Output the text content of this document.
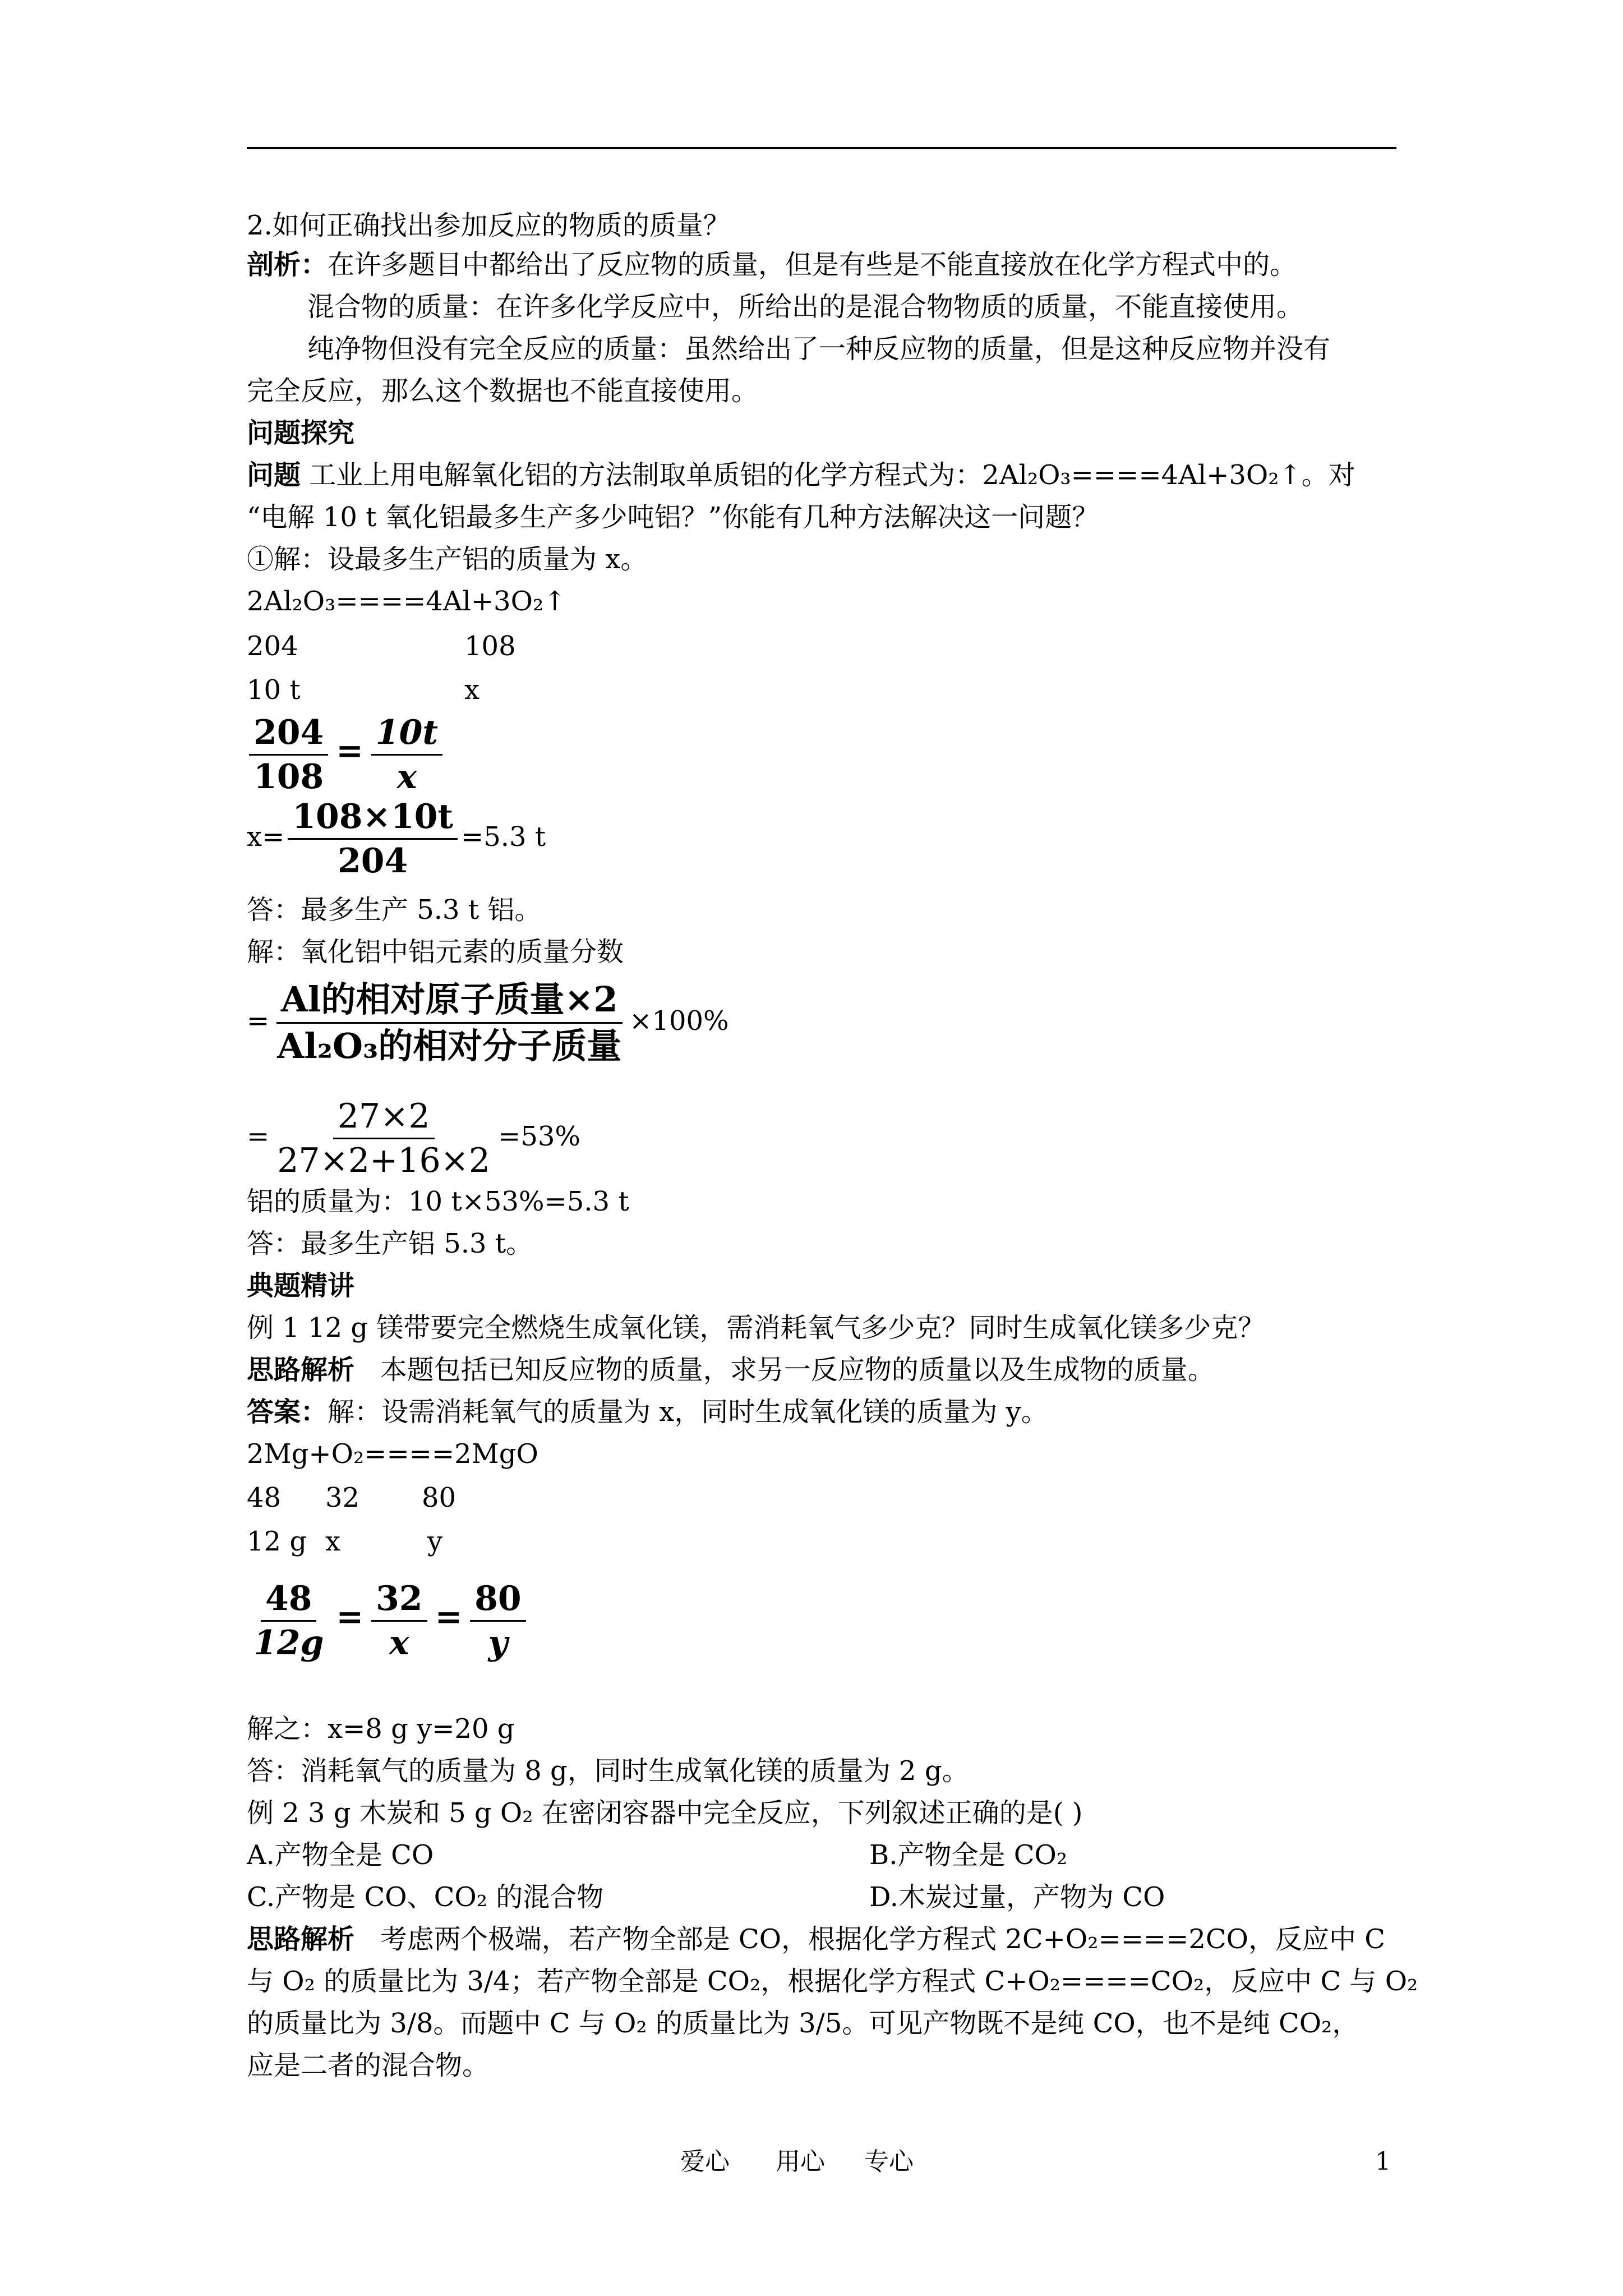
2.如何正确找出参加反应的物质的质量？
剖析：在许多题目中都给出了反应物的质量，但是有些是不能直接放在化学方程式中的。
混合物的质量：在许多化学反应中，所给出的是混合物物质的质量，不能直接使用。
纯净物但没有完全反应的质量：虽然给出了一种反应物的质量，但是这种反应物并没有
完全反应，那么这个数据也不能直接使用。
问题探究
问题 工业上用电解氧化铝的方法制取单质铝的化学方程式为：2Al₂O₃====4Al+3O₂↑。对
“电解 10 t 氧化铝最多生产多少吨铝？”你能有几种方法解决这一问题？
①解：设最多生产铝的质量为 x。
2Al₂O₃====4Al+3O₂↑
204	108
10 t	x
$\frac{204}{108} = \frac{10t}{x}$
$x= \frac{108\times 10t}{204} =5.3$ t
答：最多生产 5.3 t 铝。
解：氧化铝中铝元素的质量分数
= $\frac{\text{Al的相对原子质量×2}}{\text{Al₂O₃的相对分子质量}} \times 100\%$
= $\frac{27\times 2}{27\times 2+16\times 2} =53\%$
铝的质量为：10 t×53%=5.3 t
答：最多生产铝 5.3 t。
典题精讲
例 1 12 g 镁带要完全燃烧生成氧化镁，需消耗氧气多少克？同时生成氧化镁多少克？
思路解析 本题包括已知反应物的质量，求另一反应物的质量以及生成物的质量。
答案：解：设需消耗氧气的质量为 x，同时生成氧化镁的质量为 y。
2Mg+O₂====2MgO
48 32 80
12 g x	y
$\frac{48}{12g} = \frac{32}{x} = \frac{80}{y}$
解之：x=8 g y=20 g
答：消耗氧气的质量为 8 g，同时生成氧化镁的质量为 2 g。
例 2 3 g 木炭和 5 g O₂ 在密闭容器中完全反应，下列叙述正确的是( )
A.产物全是 CO	B.产物全是 CO₂
C.产物是 CO、CO₂ 的混合物	D.木炭过量，产物为 CO
思路解析 考虑两个极端，若产物全部是 CO，根据化学方程式 2C+O₂====2CO，反应中 C
与 O₂ 的质量比为 3/4；若产物全部是 CO₂，根据化学方程式 C+O₂====CO₂，反应中 C 与 O₂
的质量比为 3/8。而题中 C 与 O₂ 的质量比为 3/5。可见产物既不是纯 CO，也不是纯 CO₂，
应是二者的混合物。
爱心 用心 专心	1
